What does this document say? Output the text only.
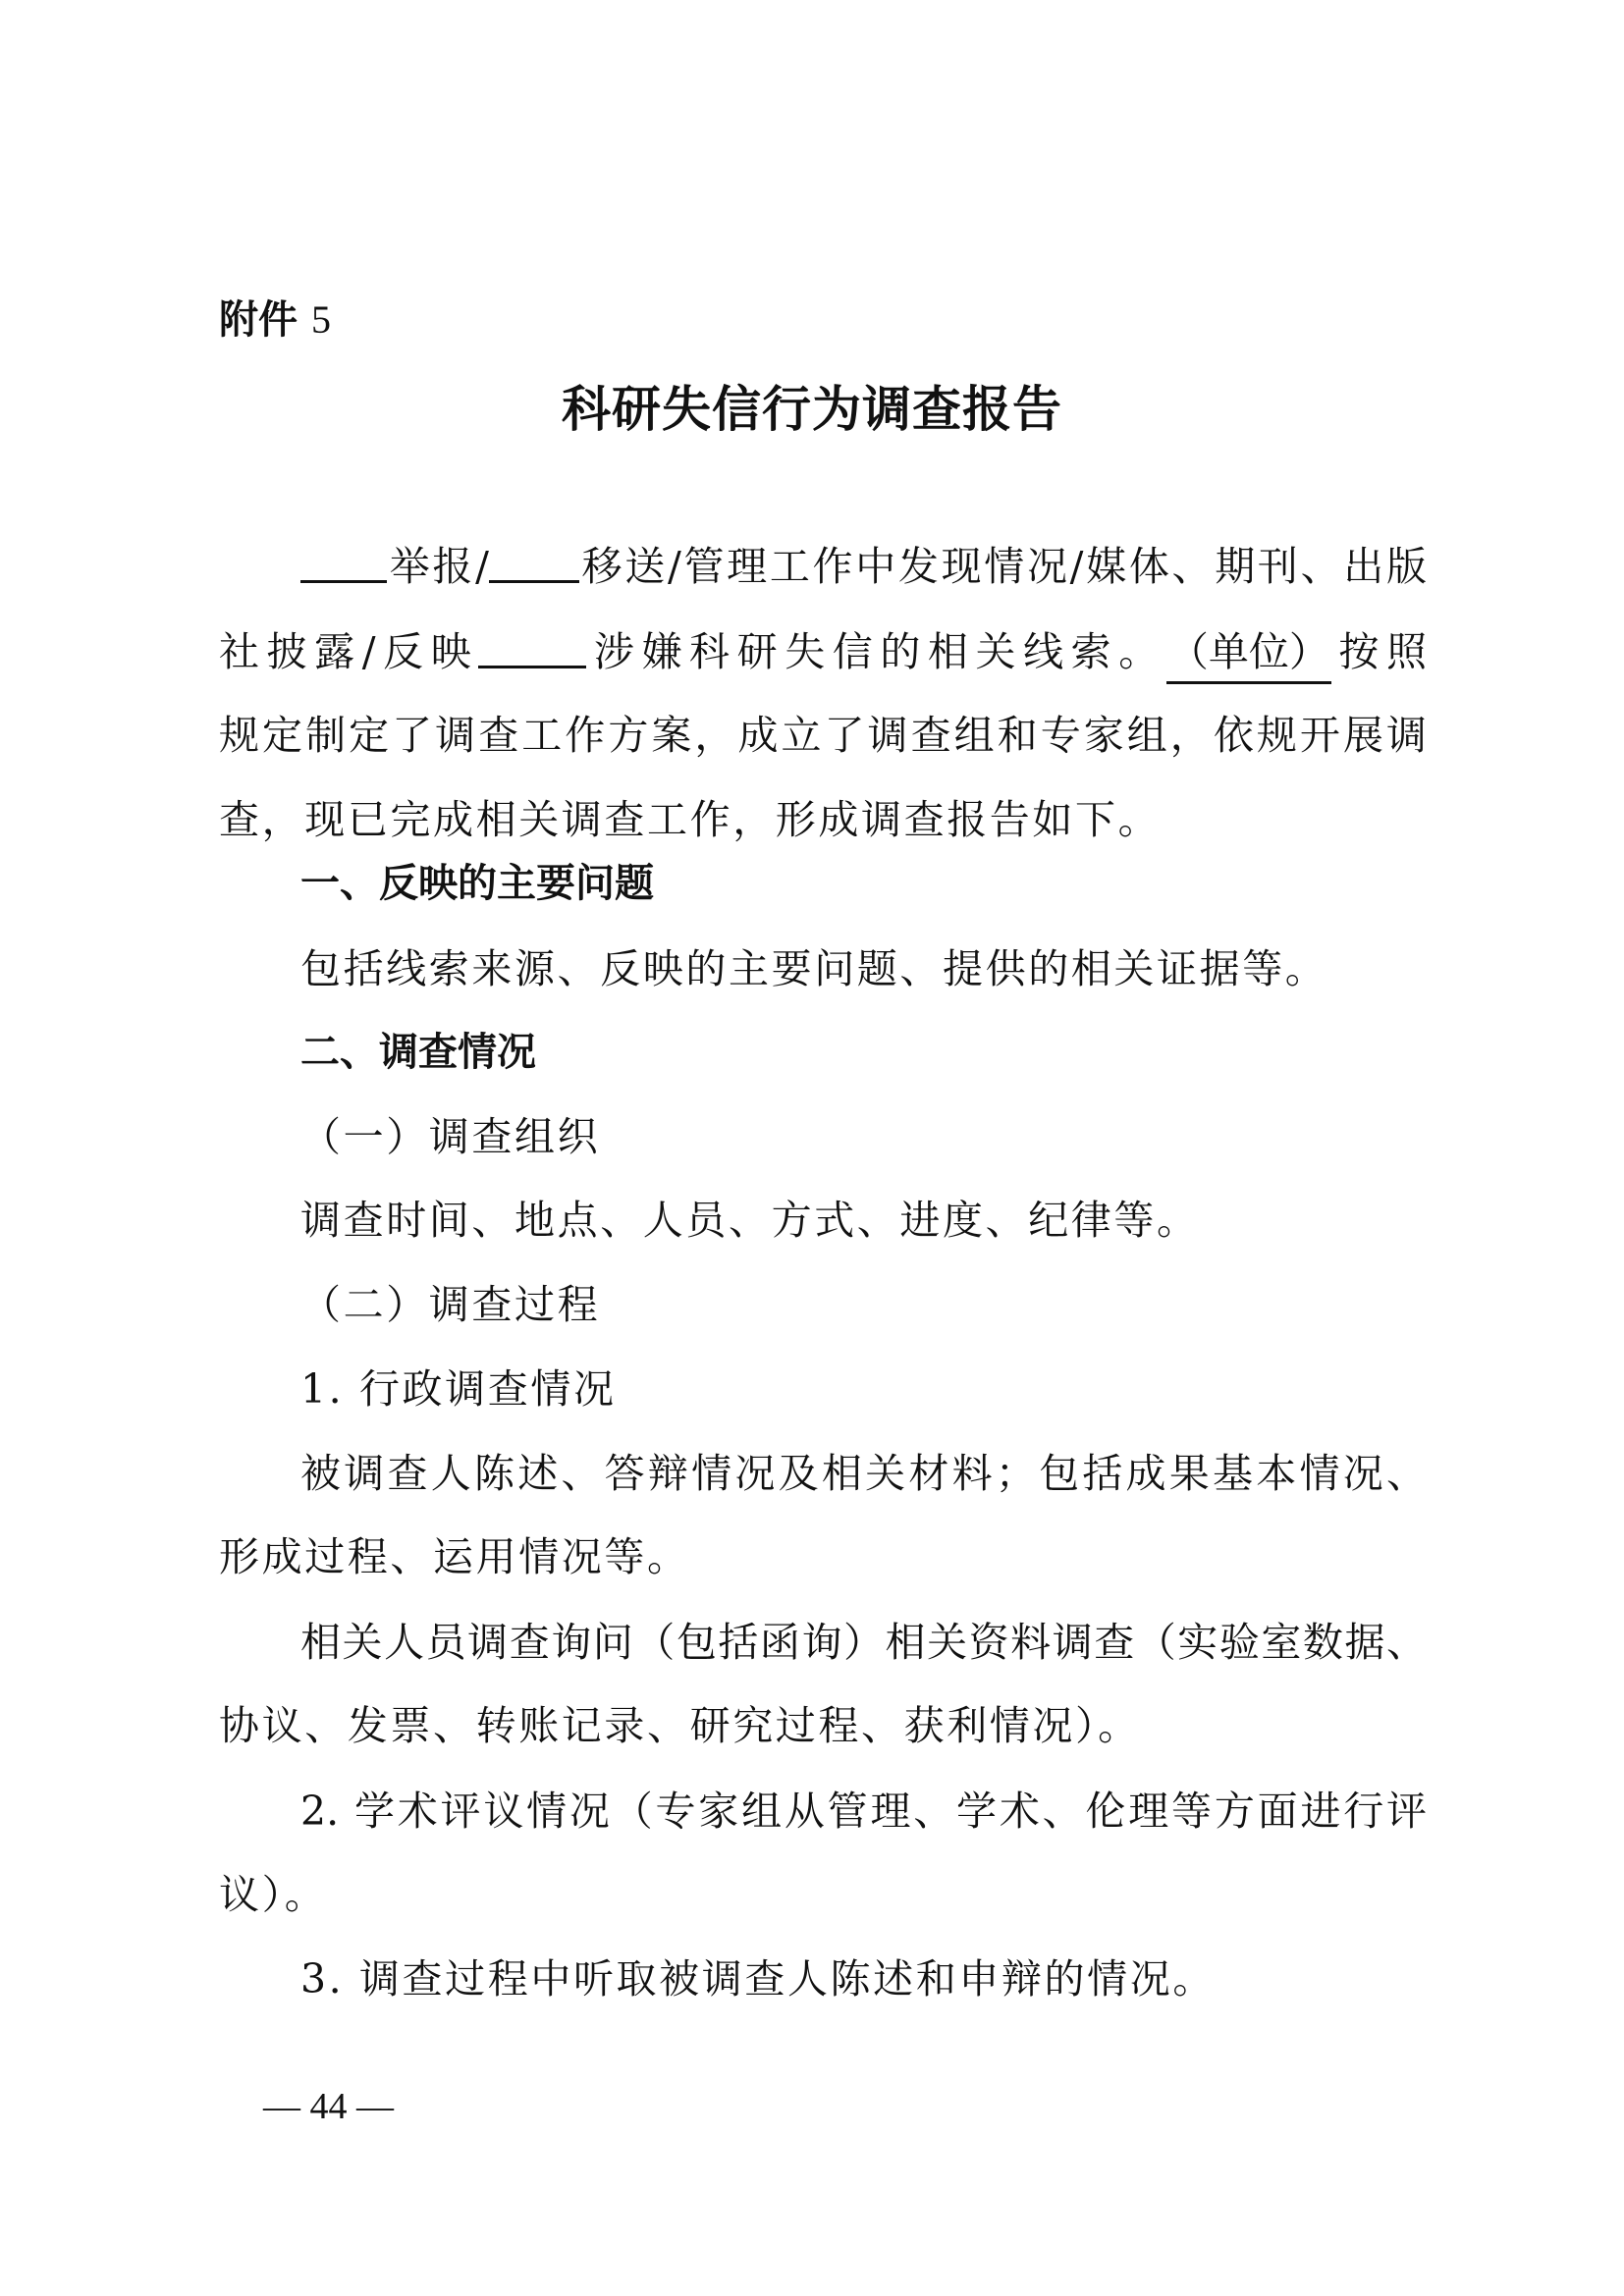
附件 5
科研失信行为调查报告
举报/ 移送/管理工作中发现情况/媒体、期刊、出版
社披露/反映	涉嫌科研失信的相关线索。（单位）按照
规定制定了调查工作方案，成立了调查组和专家组，依规开展调
查，现已完成相关调查工作，形成调查报告如下。
一、反映的主要问题
包括线索来源、反映的主要问题、提供的相关证据等。
二、调查情况
（一）调查组织
调查时间、地点、人员、方式、进度、纪律等。
（二）调查过程
1. 行政调查情况
被调查人陈述、答辩情况及相关材料；包括成果基本情况、
形成过程、运用情况等。
相关人员调查询问（包括函询）相关资料调查（实验室数据、
协议、发票、转账记录、研究过程、获利情况）。
2. 学术评议情况（专家组从管理、学术、伦理等方面进行评
议）。
3. 调查过程中听取被调查人陈述和申辩的情况。
— 44 —
